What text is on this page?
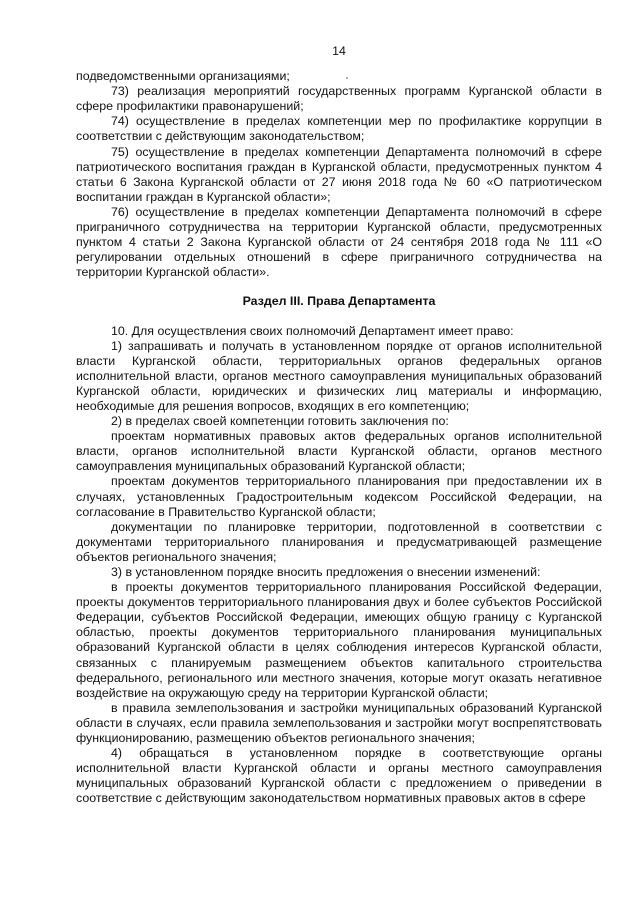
14

подведомственными организациями;

73) реализация мероприятий государственных программ Курганской области в сфере профилактики правонарушений;

74) осуществление в пределах компетенции мер по профилактике коррупции в соответствии с действующим законодательством;

75) осуществление в пределах компетенции Департамента полномочий в сфере патриотического воспитания граждан в Курганской области, предусмотренных пунктом 4 статьи 6 Закона Курганской области от 27 июня 2018 года № 60 «О патриотическом воспитании граждан в Курганской области»;

76) осуществление в пределах компетенции Департамента полномочий в сфере приграничного сотрудничества на территории Курганской области, предусмотренных пунктом 4 статьи 2 Закона Курганской области от 24 сентября 2018 года № 111 «О регулировании отдельных отношений в сфере приграничного сотрудничества на территории Курганской области».

Раздел III. Права Департамента

10. Для осуществления своих полномочий Департамент имеет право:

1) запрашивать и получать в установленном порядке от органов исполнительной власти Курганской области, территориальных органов федеральных органов исполнительной власти, органов местного самоуправления муниципальных образований Курганской области, юридических и физических лиц материалы и информацию, необходимые для решения вопросов, входящих в его компетенцию;

2) в пределах своей компетенции готовить заключения по:

проектам нормативных правовых актов федеральных органов исполнительной власти, органов исполнительной власти Курганской области, органов местного самоуправления муниципальных образований Курганской области;

проектам документов территориального планирования при предоставлении их в случаях, установленных Градостроительным кодексом Российской Федерации, на согласование в Правительство Курганской области;

документации по планировке территории, подготовленной в соответствии с документами территориального планирования и предусматривающей размещение объектов регионального значения;

3) в установленном порядке вносить предложения о внесении изменений:

в проекты документов территориального планирования Российской Федерации, проекты документов территориального планирования двух и более субъектов Российской Федерации, субъектов Российской Федерации, имеющих общую границу с Курганской областью, проекты документов территориального планирования муниципальных образований Курганской области в целях соблюдения интересов Курганской области, связанных с планируемым размещением объектов капитального строительства федерального, регионального или местного значения, которые могут оказать негативное воздействие на окружающую среду на территории Курганской области;

в правила землепользования и застройки муниципальных образований Курганской области в случаях, если правила землепользования и застройки могут воспрепятствовать функционированию, размещению объектов регионального значения;

4) обращаться в установленном порядке в соответствующие органы исполнительной власти Курганской области и органы местного самоуправления муниципальных образований Курганской области с предложением о приведении в соответствие с действующим законодательством нормативных правовых актов в сфере
